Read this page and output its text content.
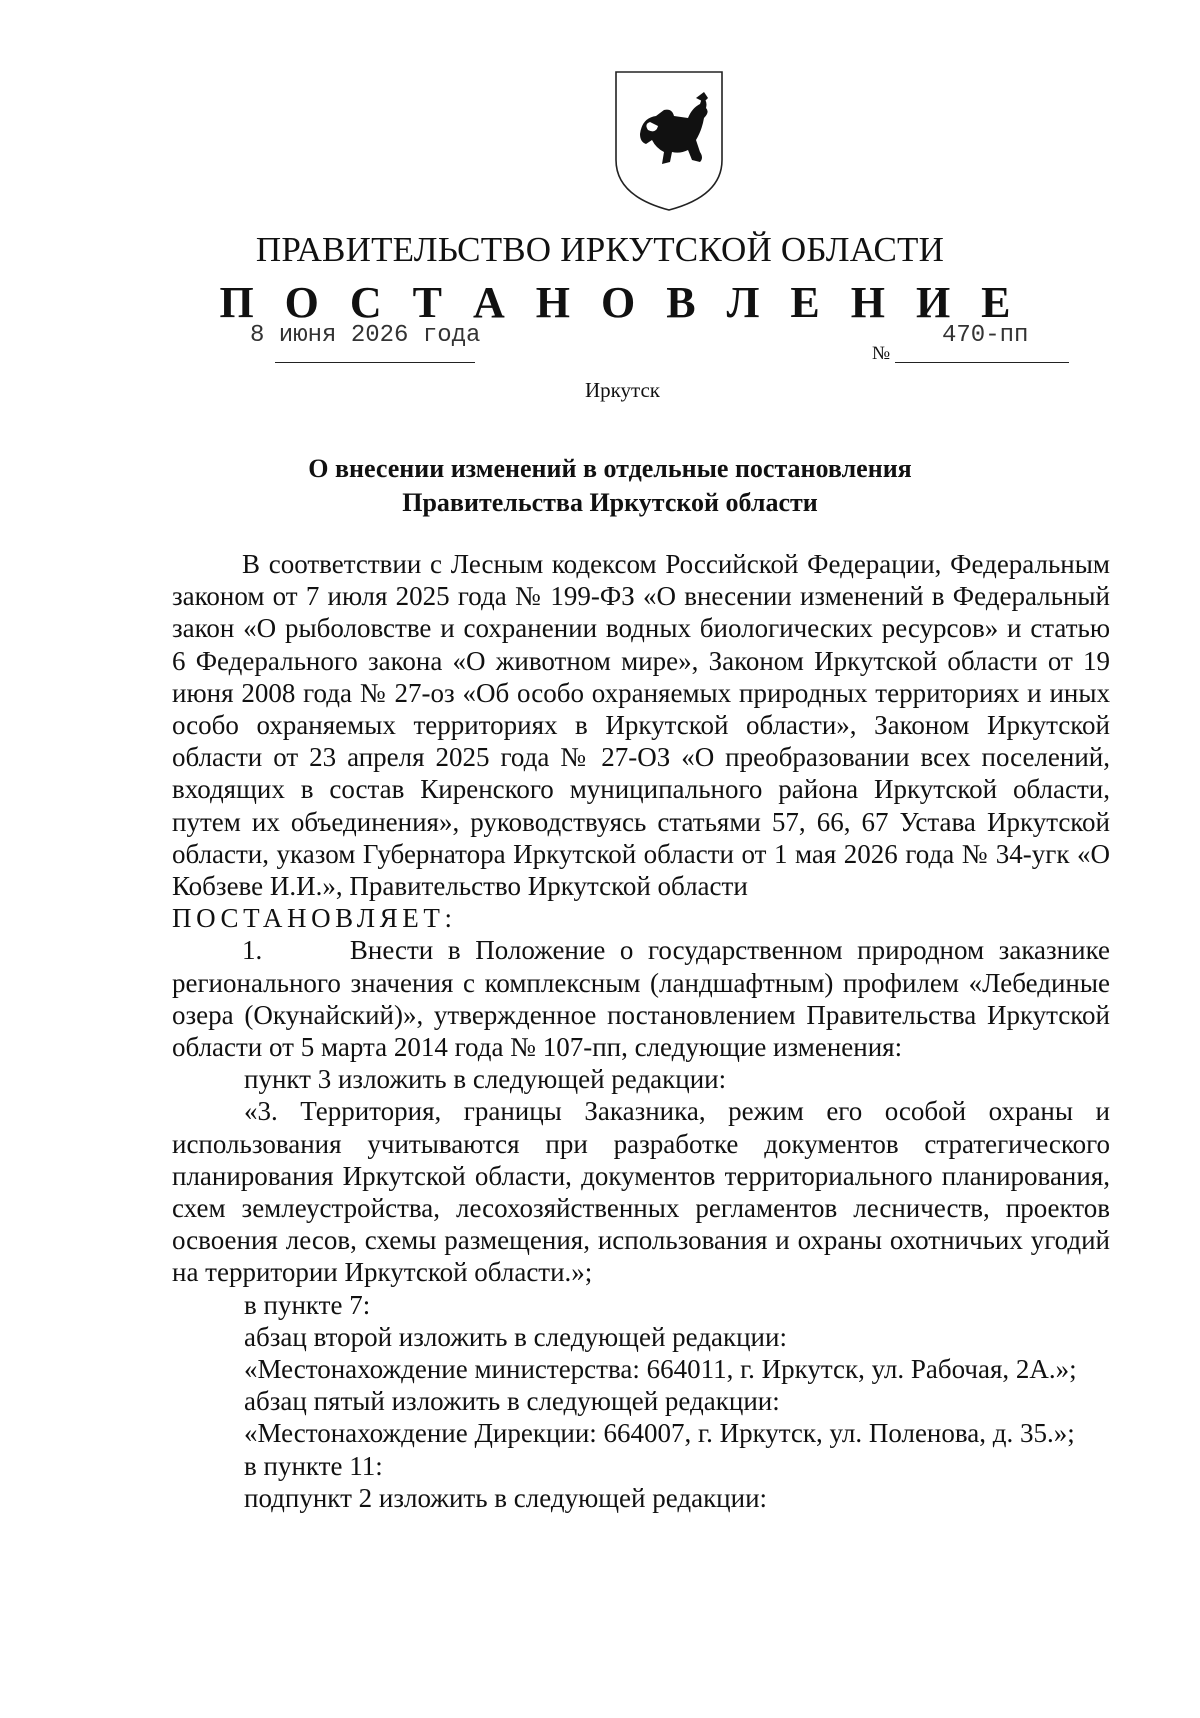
ПРАВИТЕЛЬСТВО ИРКУТСКОЙ ОБЛАСТИ
П О С Т А Н О В Л Е Н И Е
8 июня 2026 года
№
470-пп
Иркутск
О внесении изменений в отдельные постановления
Правительства Иркутской области

В соответствии с Лесным кодексом Российской Федерации, Федеральным законом от 7 июля 2025 года № 199-ФЗ «О внесении изменений в Федеральный закон «О рыболовстве и сохранении водных биологических ресурсов» и статью 6 Федерального закона «О животном мире», Законом Иркутской области от 19 июня 2008 года № 27-оз «Об особо охраняемых природных территориях и иных особо охраняемых территориях в Иркутской области», Законом Иркутской области от 23 апреля 2025 года № 27-ОЗ «О преобразовании всех поселений, входящих в состав Киренского муниципального района Иркутской области, путем их объединения», руководствуясь статьями 57, 66, 67 Устава Иркутской области, указом Губернатора Иркутской области от 1 мая 2026 года № 34-угк «О Кобзеве И.И.», Правительство Иркутской области

ПОСТАНОВЛЯЕТ:

1.      Внести в Положение о государственном природном заказнике регионального значения с комплексным (ландшафтным) профилем «Лебединые озера (Окунайский)», утвержденное постановлением Правительства Иркутской области от 5 марта 2014 года № 107-пп, следующие изменения:

пункт 3 изложить в следующей редакции:

«3. Территория, границы Заказника, режим его особой охраны и использования учитываются при разработке документов стратегического планирования Иркутской области, документов территориального планирования, схем землеустройства, лесохозяйственных регламентов лесничеств, проектов освоения лесов, схемы размещения, использования и охраны охотничьих угодий на территории Иркутской области.»;

в пункте 7:

абзац второй изложить в следующей редакции:

«Местонахождение министерства: 664011, г. Иркутск, ул. Рабочая, 2А.»;

абзац пятый изложить в следующей редакции:

«Местонахождение Дирекции: 664007, г. Иркутск, ул. Поленова, д. 35.»;

в пункте 11:

подпункт 2 изложить в следующей редакции:
